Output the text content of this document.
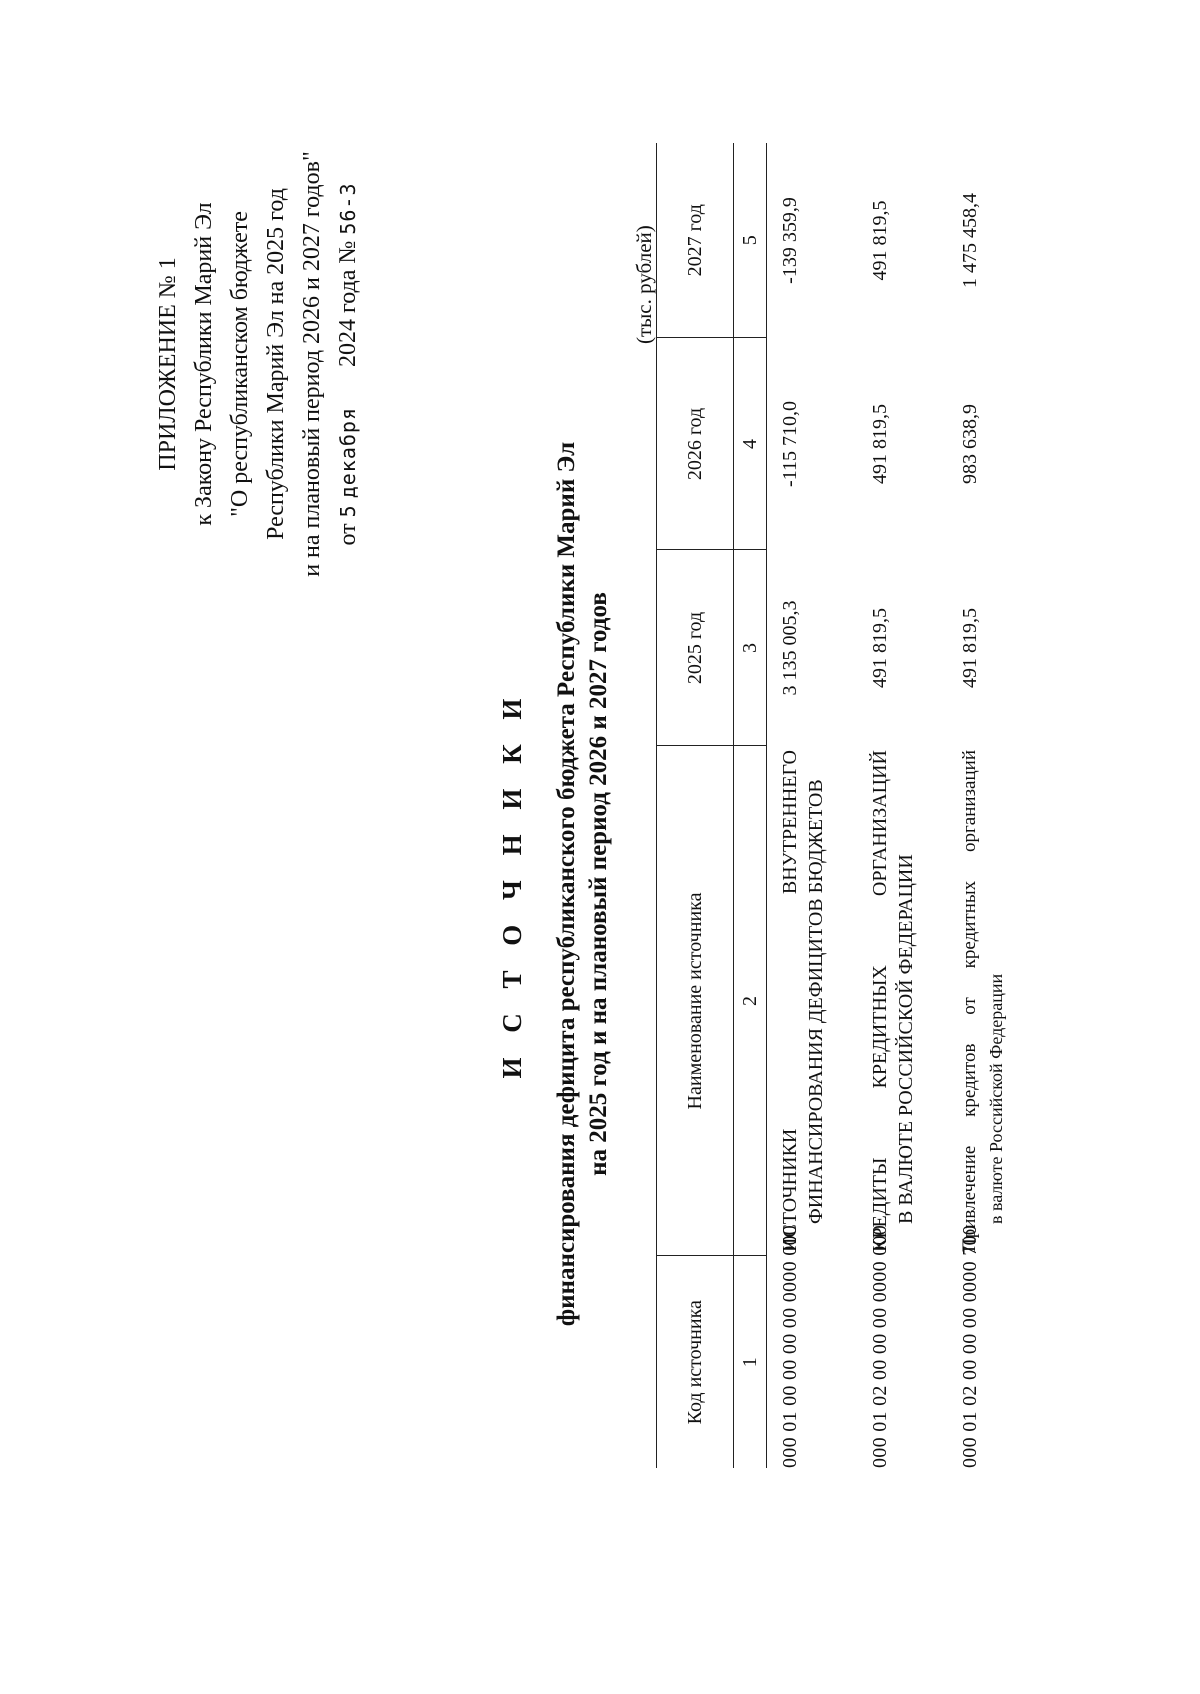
ПРИЛОЖЕНИЕ № 1 к Закону Республики Марий Эл "О республиканском бюджете Республики Марий Эл на 2025 год и на плановый период 2026 и 2027 годов" от 5 декабря 2024 года № 56-З
И С Т О Ч Н И К И финансирования дефицита республиканского бюджета Республики Марий Эл на 2025 год и на плановый период 2026 и 2027 годов
(тыс. рублей)
Код источника	Наименование источника	2025 год	2026 год	2027 год
1	2	3	4	5
000 01 00 00 00 00 0000 000	ИСТОЧНИКИ ВНУТРЕННЕГО ФИНАНСИРОВАНИЯ ДЕФИЦИТОВ БЮДЖЕТОВ	3 135 005,3	-115 710,0	-139 359,9
000 01 02 00 00 00 0000 000	КРЕДИТЫ КРЕДИТНЫХ ОРГАНИЗАЦИЙ В ВАЛЮТЕ РОССИЙСКОЙ ФЕДЕРАЦИИ	491 819,5	491 819,5	491 819,5
000 01 02 00 00 00 0000 700	Привлечение кредитов от кредитных организаций в валюте Российской Федерации	491 819,5	983 638,9	1 475 458,4
